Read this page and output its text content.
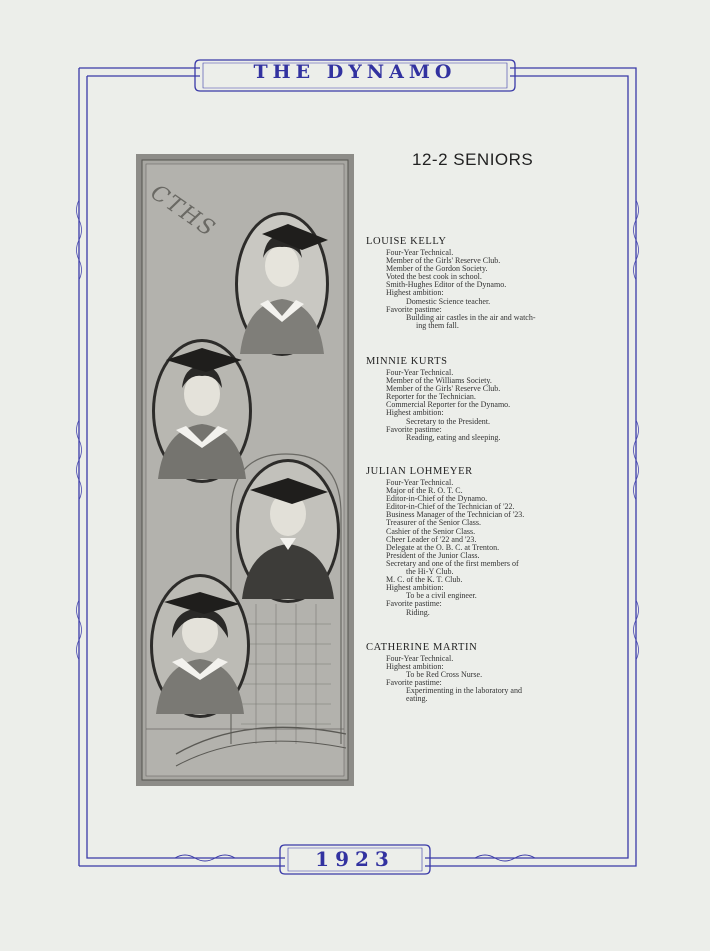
THE DYNAMO
1923
CTHS
12-2 SENIORS
LOUISE KELLY
Four-Year Technical.
Member of the Girls' Reserve Club.
Member of the Gordon Society.
Voted the best cook in school.
Smith-Hughes Editor of the Dynamo.
Highest ambition:
Domestic Science teacher.
Favorite pastime:
Building air castles in the air and watch-
ing them fall.
MINNIE KURTS
Four-Year Technical.
Member of the Williams Society.
Member of the Girls' Reserve Club.
Reporter for the Technician.
Commercial Reporter for the Dynamo.
Highest ambition:
Secretary to the President.
Favorite pastime:
Reading, eating and sleeping.
JULIAN LOHMEYER
Four-Year Technical.
Major of the R. O. T. C.
Editor-in-Chief of the Dynamo.
Editor-in-Chief of the Technician of '22.
Business Manager of the Technician of '23.
Treasurer of the Senior Class.
Cashier of the Senior Class.
Cheer Leader of '22 and '23.
Delegate at the O. B. C. at Trenton.
President of the Junior Class.
Secretary and one of the first members of
the Hi-Y Club.
M. C. of the K. T. Club.
Highest ambition:
To be a civil engineer.
Favorite pastime:
Riding.
CATHERINE MARTIN
Four-Year Technical.
Highest ambition:
To be Red Cross Nurse.
Favorite pastime:
Experimenting in the laboratory and
eating.
